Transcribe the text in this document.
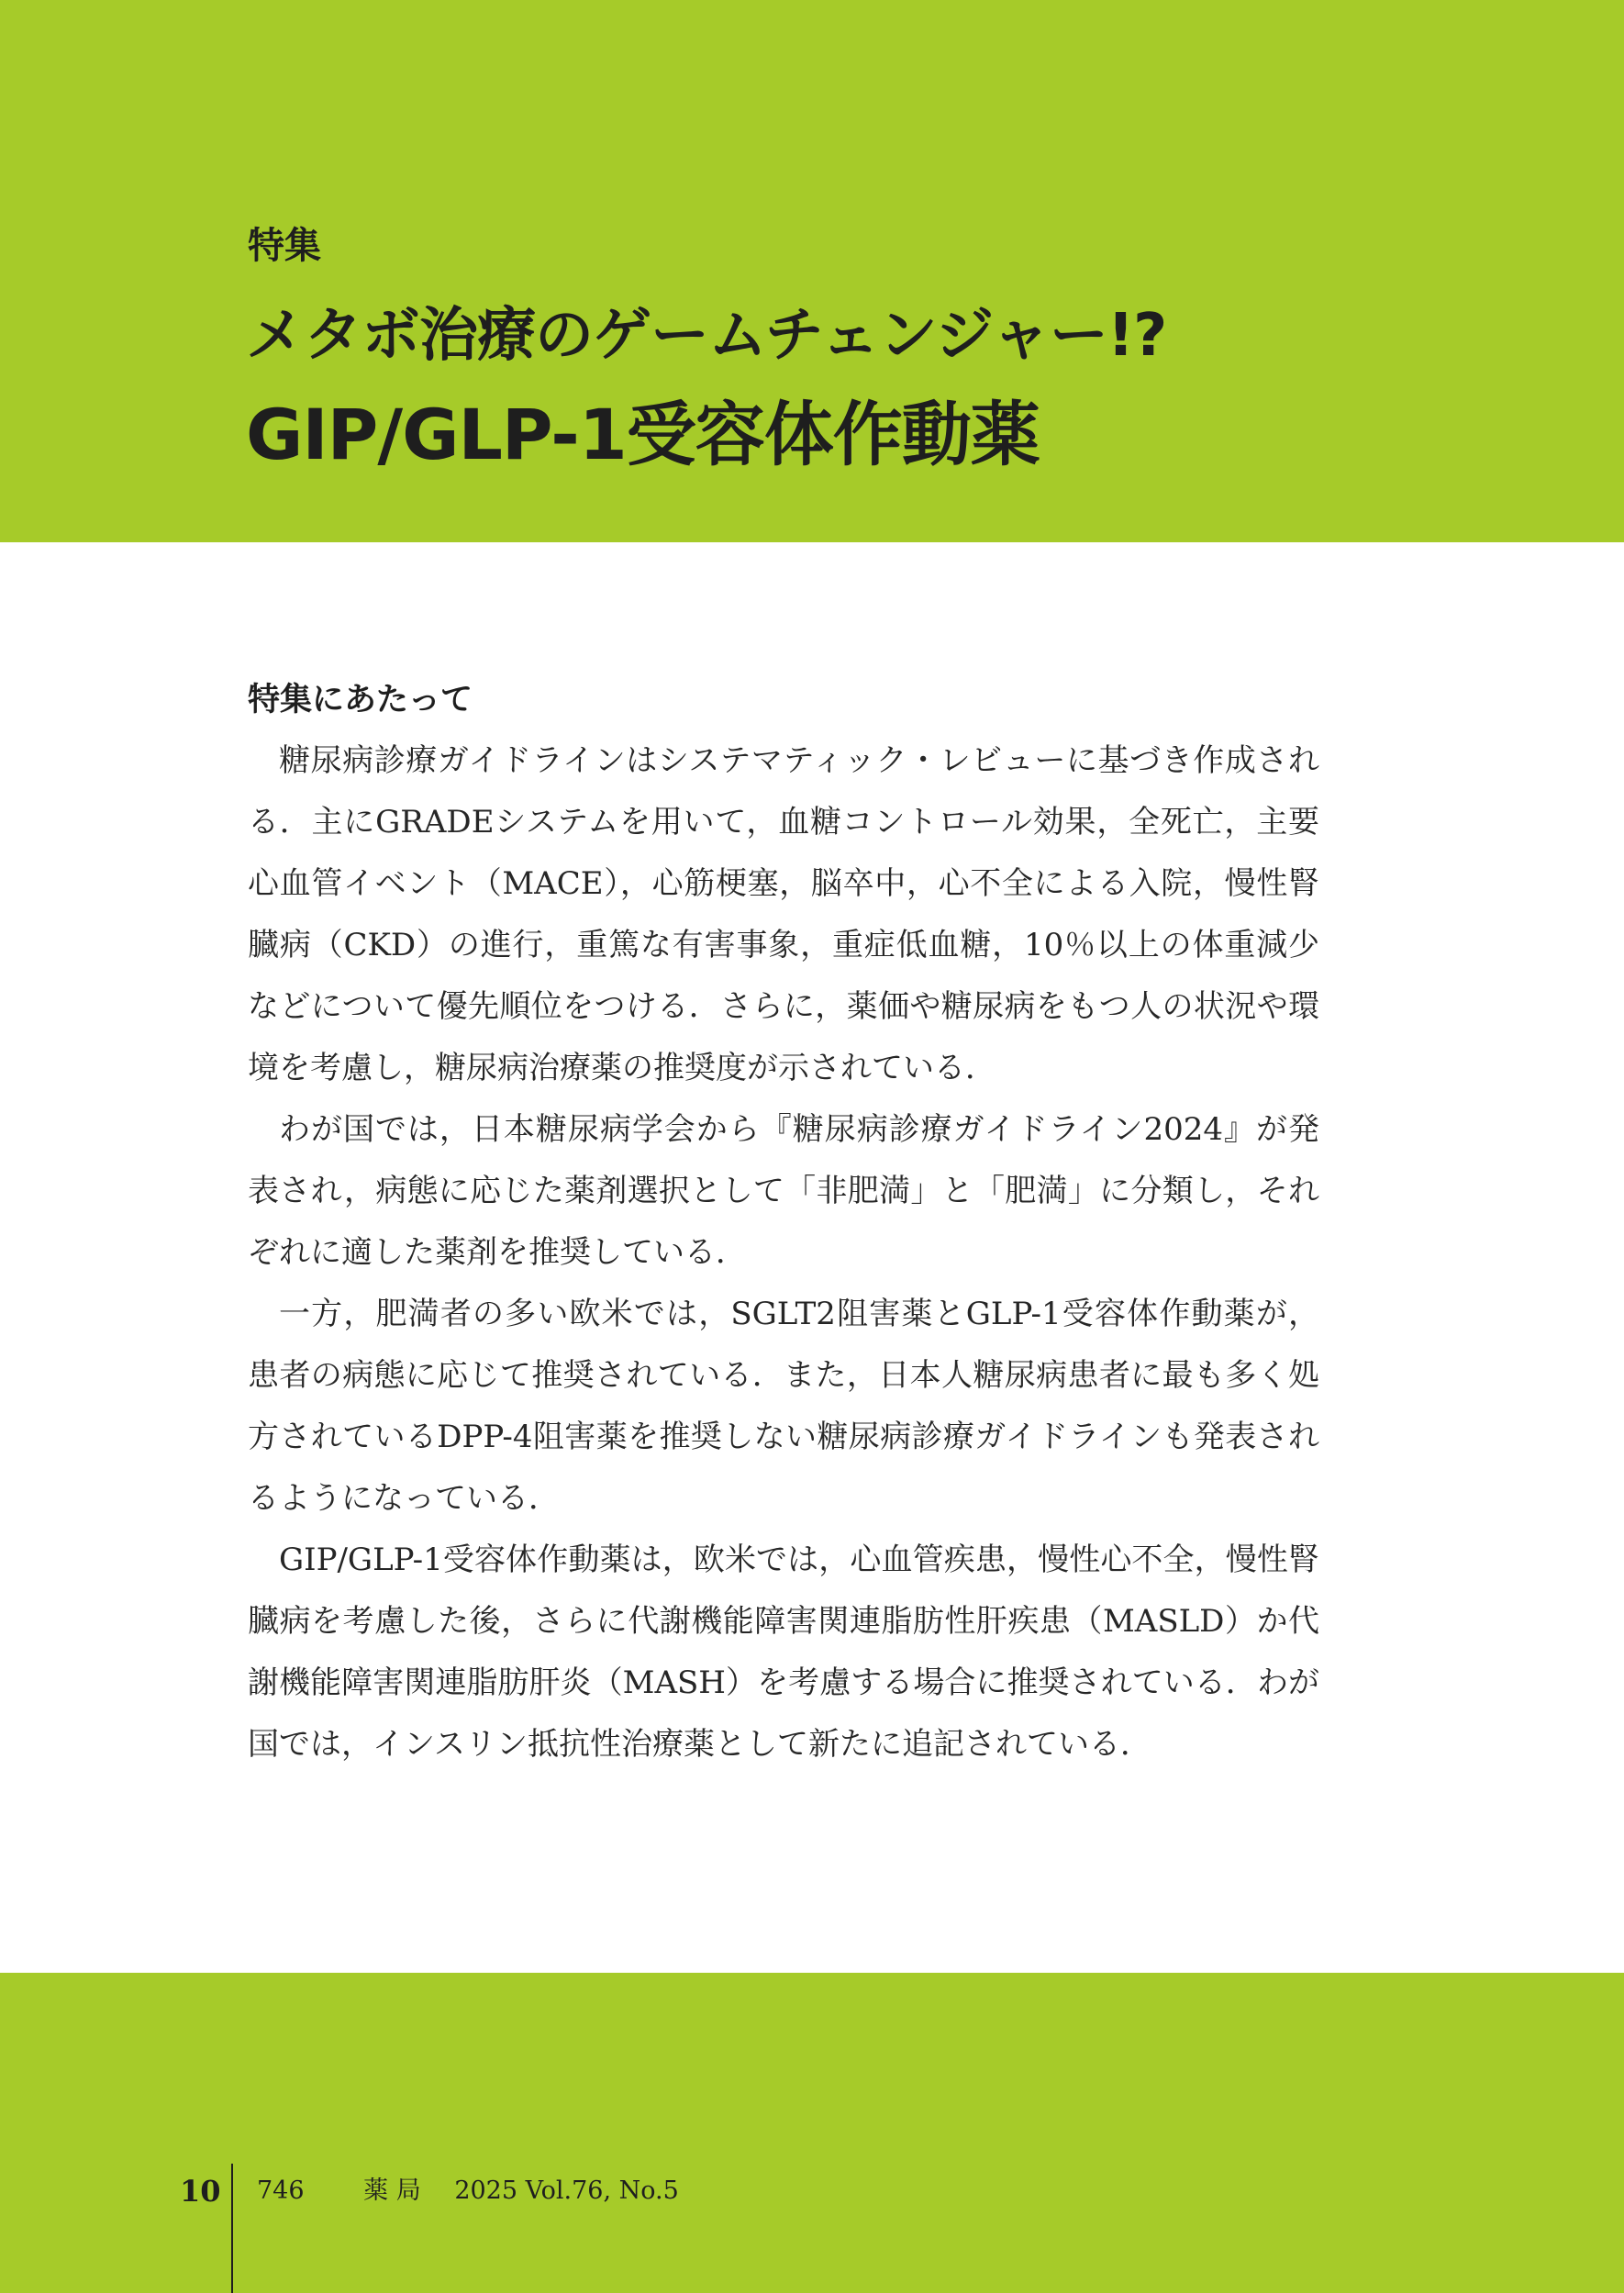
特集
メタボ治療のゲームチェンジャー!?
GIP/GLP-1受容体作動薬
特集にあたって

糖尿病診療ガイドラインはシステマティック・レビューに基づき作成される．主にGRADEシステムを用いて，血糖コントロール効果，全死亡，主要心血管イベント（MACE），心筋梗塞，脳卒中，心不全による入院，慢性腎臓病（CKD）の進行，重篤な有害事象，重症低血糖，10％以上の体重減少などについて優先順位をつける．さらに，薬価や糖尿病をもつ人の状況や環境を考慮し，糖尿病治療薬の推奨度が示されている．

わが国では，日本糖尿病学会から『糖尿病診療ガイドライン2024』が発表され，病態に応じた薬剤選択として「非肥満」と「肥満」に分類し，それぞれに適した薬剤を推奨している．

一方，肥満者の多い欧米では，SGLT2阻害薬とGLP-1受容体作動薬が，患者の病態に応じて推奨されている．また，日本人糖尿病患者に最も多く処方されているDPP-4阻害薬を推奨しない糖尿病診療ガイドラインも発表されるようになっている．

GIP/GLP-1受容体作動薬は，欧米では，心血管疾患，慢性心不全，慢性腎臓病を考慮した後，さらに代謝機能障害関連脂肪性肝疾患（MASLD）か代謝機能障害関連脂肪肝炎（MASH）を考慮する場合に推奨されている．わが国では，インスリン抵抗性治療薬として新たに追記されている．

10 746 薬 局 2025 Vol.76, No.5
